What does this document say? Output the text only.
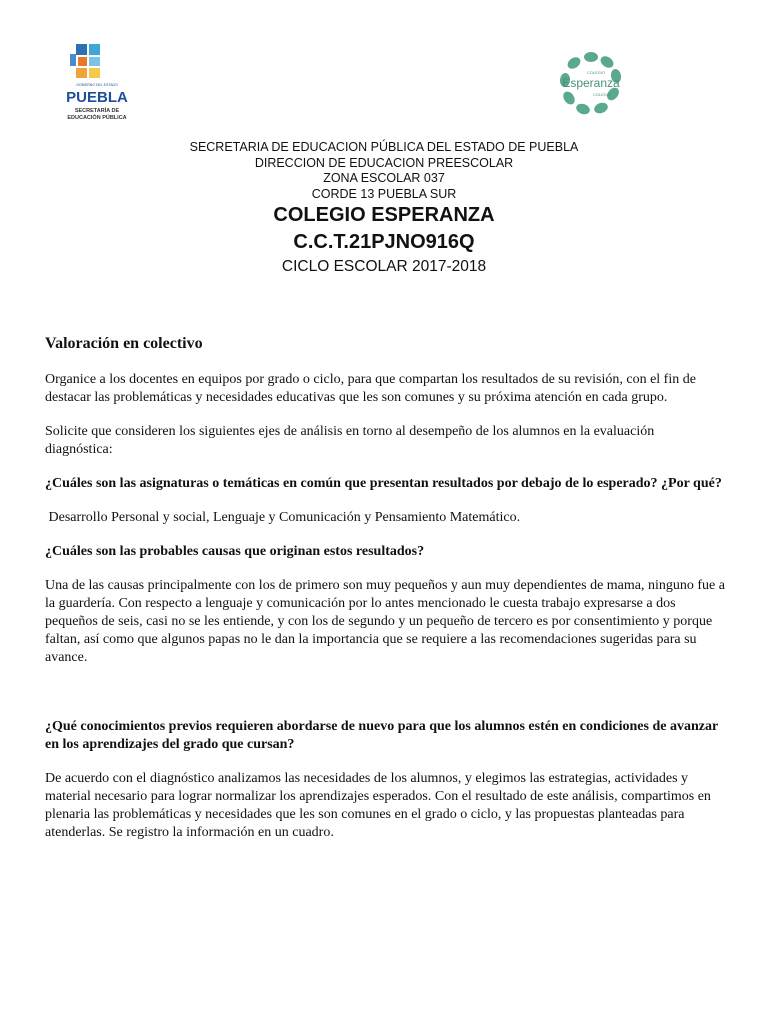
GOBIERNO DEL ESTADO
PUEBLA
SECRETARÍA DE
EDUCACIÓN PÚBLICA
Esperanza
COLEGIO
COLEGIO
SECRETARIA DE EDUCACION PÚBLICA DEL ESTADO DE PUEBLA
DIRECCION DE EDUCACION PREESCOLAR
ZONA ESCOLAR 037
CORDE 13 PUEBLA SUR
COLEGIO ESPERANZA
C.C.T.21PJNO916Q
CICLO ESCOLAR 2017-2018
Valoración en colectivo

Organice a los docentes en equipos por grado o ciclo, para que compartan los resultados de su revisión, con el fin de destacar las problemáticas y necesidades educativas que les son comunes y su próxima atención en cada grupo.

Solicite que consideren los siguientes ejes de análisis en torno al desempeño de los alumnos en la evaluación diagnóstica:

¿Cuáles son las asignaturas o temáticas en común que presentan resultados por debajo de lo esperado? ¿Por qué?

Desarrollo Personal y social, Lenguaje y Comunicación y Pensamiento Matemático.

¿Cuáles son las probables causas que originan estos resultados?

Una de las causas principalmente con los de primero son muy pequeños y aun muy dependientes de mama, ninguno fue a la guardería. Con respecto a lenguaje y comunicación por lo antes mencionado le cuesta trabajo expresarse a dos pequeños de seis, casi no se les entiende, y con los de segundo y un pequeño de tercero es por consentimiento y porque faltan, así como que algunos papas no le dan la importancia que se requiere a las recomendaciones sugeridas para su avance.

¿Qué conocimientos previos requieren abordarse de nuevo para que los alumnos estén en condiciones de avanzar en los aprendizajes del grado que cursan?

De acuerdo con el diagnóstico analizamos las necesidades de los alumnos, y elegimos las estrategias, actividades y material necesario para lograr normalizar los aprendizajes esperados. Con el resultado de este análisis, compartimos en plenaria las problemáticas y necesidades que les son comunes en el grado o ciclo, y las propuestas planteadas para atenderlas. Se registro la información en un cuadro.
